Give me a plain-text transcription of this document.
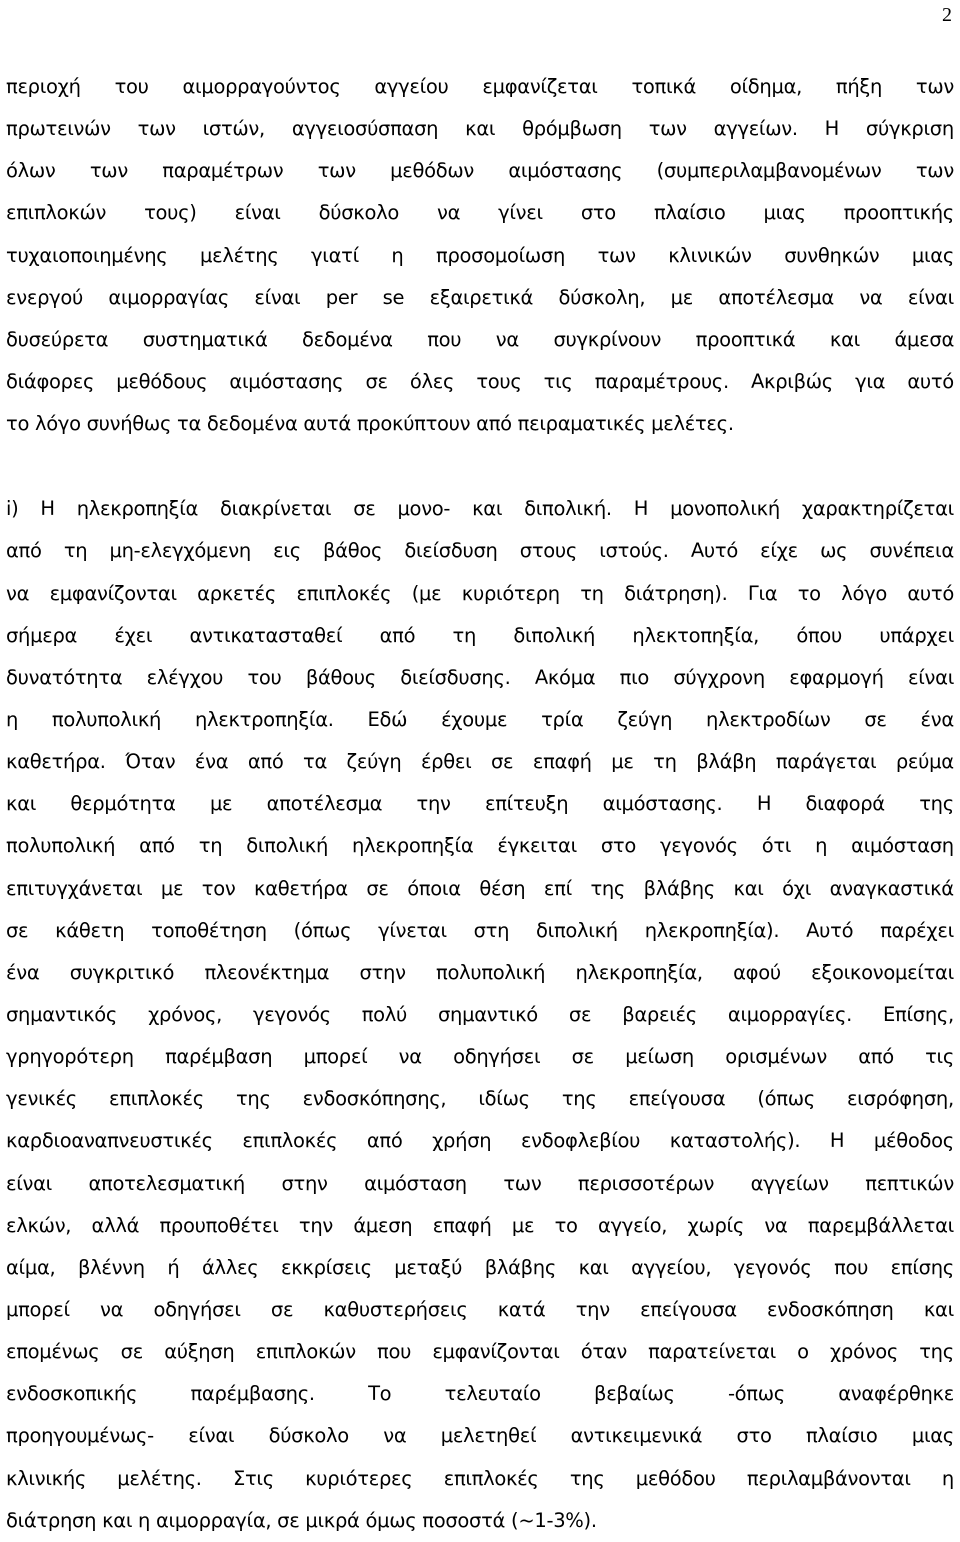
2
περιοχή του αιμορραγούντος αγγείου εμφανίζεται τοπικά οίδημα, πήξη των
πρωτεινών των ιστών, αγγειοσύσπαση και θρόμβωση των αγγείων. Η σύγκριση
όλων των παραμέτρων των μεθόδων αιμόστασης (συμπεριλαμβανομένων των
επιπλοκών τους) είναι δύσκολο να γίνει στο πλαίσιο μιας προοπτικής
τυχαιοποιημένης μελέτης γιατί η προσομοίωση των κλινικών συνθηκών μιας
ενεργού αιμορραγίας είναι per se εξαιρετικά δύσκολη, με αποτέλεσμα να είναι
δυσεύρετα συστηματικά δεδομένα που να συγκρίνουν προοπτικά και άμεσα
διάφορες μεθόδους αιμόστασης σε όλες τους τις παραμέτρους. Ακριβώς για αυτό
το λόγο συνήθως τα δεδομένα αυτά προκύπτουν από πειραματικές μελέτες.
i) Η ηλεκροπηξία διακρίνεται σε μονο- και διπολική. Η μονοπολική χαρακτηρίζεται
από τη μη-ελεγχόμενη εις βάθος διείσδυση στους ιστούς. Αυτό είχε ως συνέπεια
να εμφανίζονται αρκετές επιπλοκές (με κυριότερη τη διάτρηση). Για το λόγο αυτό
σήμερα έχει αντικατασταθεί από τη διπολική ηλεκτοπηξία, όπου υπάρχει
δυνατότητα ελέγχου του βάθους διείσδυσης. Ακόμα πιο σύγχρονη εφαρμογή είναι
η πολυπολική ηλεκτροπηξία. Εδώ έχουμε τρία ζεύγη ηλεκτροδίων σε ένα
καθετήρα. Όταν ένα από τα ζεύγη έρθει σε επαφή με τη βλάβη παράγεται ρεύμα
και θερμότητα με αποτέλεσμα την επίτευξη αιμόστασης. Η διαφορά της
πολυπολική από τη διπολική ηλεκροπηξία έγκειται στο γεγονός ότι η αιμόσταση
επιτυγχάνεται με τον καθετήρα σε όποια θέση επί της βλάβης και όχι αναγκαστικά
σε κάθετη τοποθέτηση (όπως γίνεται στη διπολική ηλεκροπηξία). Αυτό παρέχει
ένα συγκριτικό πλεονέκτημα στην πολυπολική ηλεκροπηξία, αφού εξοικονομείται
σημαντικός χρόνος, γεγονός πολύ σημαντικό σε βαρειές αιμορραγίες. Επίσης,
γρηγορότερη παρέμβαση μπορεί να οδηγήσει σε μείωση ορισμένων από τις
γενικές επιπλοκές της ενδοσκόπησης, ιδίως της επείγουσα (όπως εισρόφηση,
καρδιοαναπνευστικές επιπλοκές από χρήση ενδοφλεβίου καταστολής). Η μέθοδος
είναι αποτελεσματική στην αιμόσταση των περισσοτέρων αγγείων πεπτικών
ελκών, αλλά προυποθέτει την άμεση επαφή με το αγγείο, χωρίς να παρεμβάλλεται
αίμα, βλέννη ή άλλες εκκρίσεις μεταξύ βλάβης και αγγείου, γεγονός που επίσης
μπορεί να οδηγήσει σε καθυστερήσεις κατά την επείγουσα ενδοσκόπηση και
επομένως σε αύξηση επιπλοκών που εμφανίζονται όταν παρατείνεται ο χρόνος της
ενδοσκοπικής	παρέμβασης.	Το	τελευταίο	βεβαίως	-όπως	αναφέρθηκε
προηγουμένως- είναι δύσκολο να μελετηθεί αντικειμενικά στο πλαίσιο μιας
κλινικής μελέτης. Στις κυριότερες επιπλοκές της μεθόδου περιλαμβάνονται η
διάτρηση και η αιμορραγία, σε μικρά όμως ποσοστά (~1-3%).
